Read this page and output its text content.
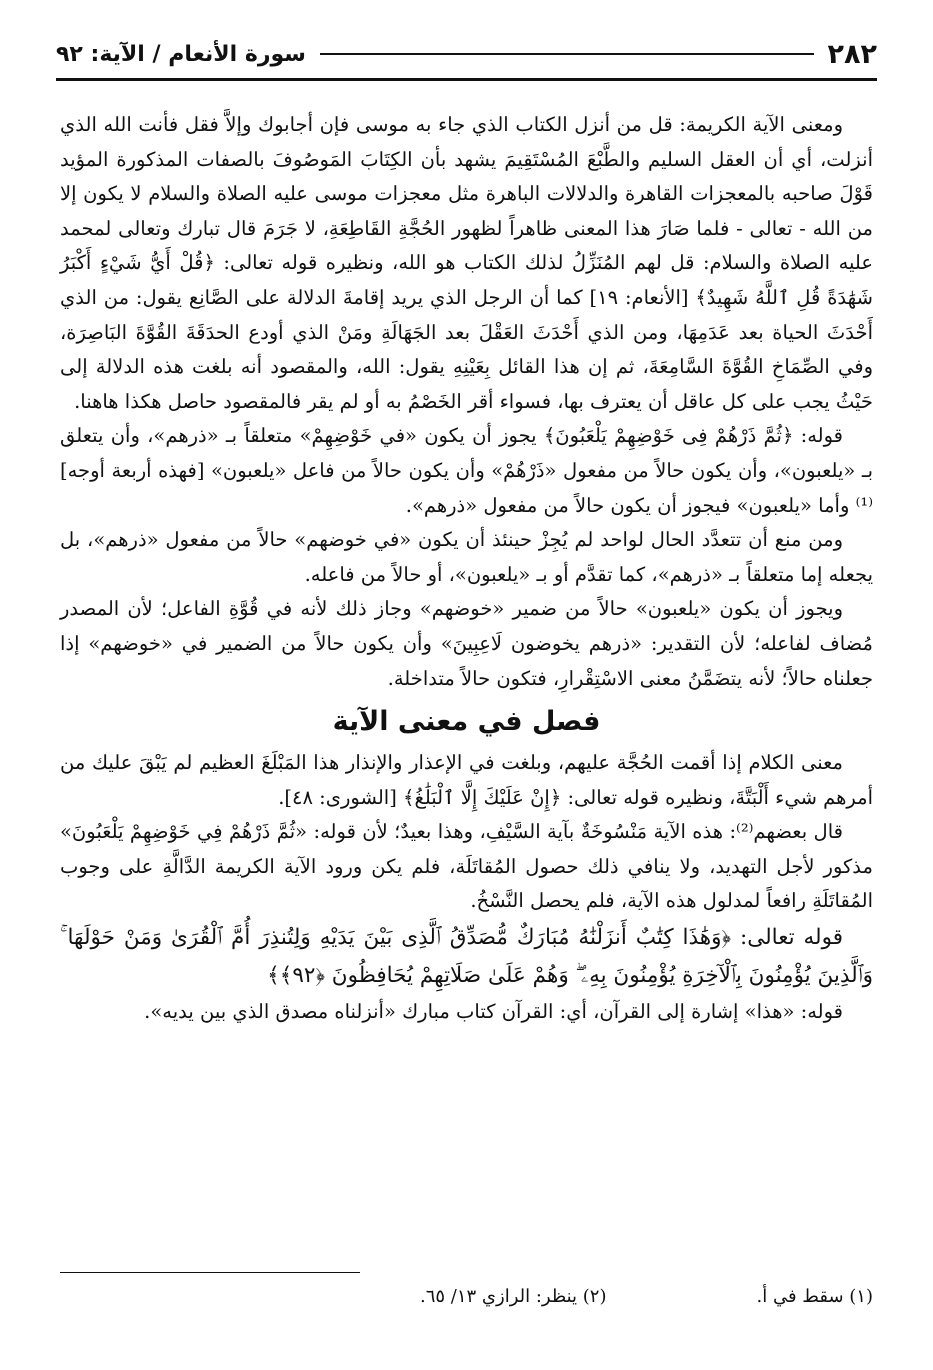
٢٨٢
سورة الأنعام / الآية: ٩٢

ومعنى الآية الكريمة: قل من أنزل الكتاب الذي جاء به موسى فإن أجابوك وإلاَّ فقل فأنت الله الذي أنزلت، أي أن العقل السليم والطَّبْعَ المُسْتَقِيمَ يشهد بأن الكِتَابَ المَوصُوفَ بالصفات المذكورة المؤيد قَوْلَ صاحبه بالمعجزات القاهرة والدلالات الباهرة مثل معجزات موسى عليه الصلاة والسلام لا يكون إلا من الله - تعالى - فلما صَارَ هذا المعنى ظاهراً لظهور الحُجَّةِ القَاطِعَةِ، لا جَرَمَ قال تبارك وتعالى لمحمد عليه الصلاة والسلام: قل لهم المُنَزِّلُ لذلك الكتاب هو الله، ونظيره قوله تعالى: ﴿قُلْ أَيُّ شَيْءٍ أَكْبَرُ شَهَٰدَةً قُلِ ٱللَّهُ شَهِيدٌ﴾ [الأنعام: ١٩] كما أن الرجل الذي يريد إقامةَ الدلالة على الصَّانِع يقول: من الذي أَحْدَثَ الحياة بعد عَدَمِهَا، ومن الذي أَحْدَثَ العَقْلَ بعد الجَهَالَةِ ومَنْ الذي أودع الحدَقَةَ القُوَّةَ البَاصِرَة، وفي الصِّمَاخِ القُوَّةَ السَّامِعَةَ، ثم إن هذا القائل بِعَيْنِهِ يقول: الله، والمقصود أنه بلغت هذه الدلالة إلى حَيْثُ يجب على كل عاقل أن يعترف بها، فسواء أقر الخَصْمُ به أو لم يقر فالمقصود حاصل هكذا هاهنا.

قوله: ﴿ثُمَّ ذَرْهُمْ فِى خَوْضِهِمْ يَلْعَبُونَ﴾ يجوز أن يكون «في خَوْضِهِمْ» متعلقاً بـ «ذرهم»، وأن يتعلق بـ «يلعبون»، وأن يكون حالاً من مفعول «ذَرْهُمْ» وأن يكون حالاً من فاعل «يلعبون» [فهذه أربعة أوجه]⁽¹⁾ وأما «يلعبون» فيجوز أن يكون حالاً من مفعول «ذرهم».

ومن منع أن تتعدَّد الحال لواحد لم يُجِزْ حينئذ أن يكون «في خوضهم» حالاً من مفعول «ذرهم»، بل يجعله إما متعلقاً بـ «ذرهم»، كما تقدَّم أو بـ «يلعبون»، أو حالاً من فاعله.

ويجوز أن يكون «يلعبون» حالاً من ضمير «خوضهم» وجاز ذلك لأنه في قُوَّةِ الفاعل؛ لأن المصدر مُضاف لفاعله؛ لأن التقدير: «ذرهم يخوضون لَاعِبِينَ» وأن يكون حالاً من الضمير في «خوضهم» إذا جعلناه حالاً؛ لأنه يتضَمَّنُ معنى الاسْتِقْرارِ، فتكون حالاً متداخلة.

فصل في معنى الآية

معنى الكلام إذا أقمت الحُجَّة عليهم، وبلغت في الإعذار والإنذار هذا المَبْلَغَ العظيم لم يَبْقَ عليك من أمرهم شيء أَلْبَتَّةَ، ونظيره قوله تعالى: ﴿إِنْ عَلَيْكَ إِلَّا ٱلْبَلَٰغُ﴾ [الشورى: ٤٨].

قال بعضهم⁽²⁾: هذه الآية مَنْسُوخَةٌ بآية السَّيْفِ، وهذا بعيدٌ؛ لأن قوله: «ثُمَّ ذَرْهُمْ فِي خَوْضِهِمْ يَلْعَبُونَ» مذكور لأجل التهديد، ولا ينافي ذلك حصول المُقاتَلَة، فلم يكن ورود الآية الكريمة الدَّالَّةِ على وجوب المُقاتَلَةِ رافعاً لمدلول هذه الآية، فلم يحصل النَّسْخُ.

قوله تعالى: ﴿وَهَٰذَا كِتَٰبٌ أَنزَلْنَٰهُ مُبَارَكٌ مُّصَدِّقُ ٱلَّذِى بَيْنَ يَدَيْهِ وَلِتُنذِرَ أُمَّ ٱلْقُرَىٰ وَمَنْ حَوْلَهَا ۚ وَٱلَّذِينَ يُؤْمِنُونَ بِٱلْآخِرَةِ يُؤْمِنُونَ بِهِۦ ۖ وَهُمْ عَلَىٰ صَلَاتِهِمْ يُحَافِظُونَ ﴿٩٢﴾﴾

قوله: «هذا» إشارة إلى القرآن، أي: القرآن كتاب مبارك «أنزلناه مصدق الذي بين يديه».

(١) سقط في أ.
(٢) ينظر: الرازي ١٣/ ٦٥.
